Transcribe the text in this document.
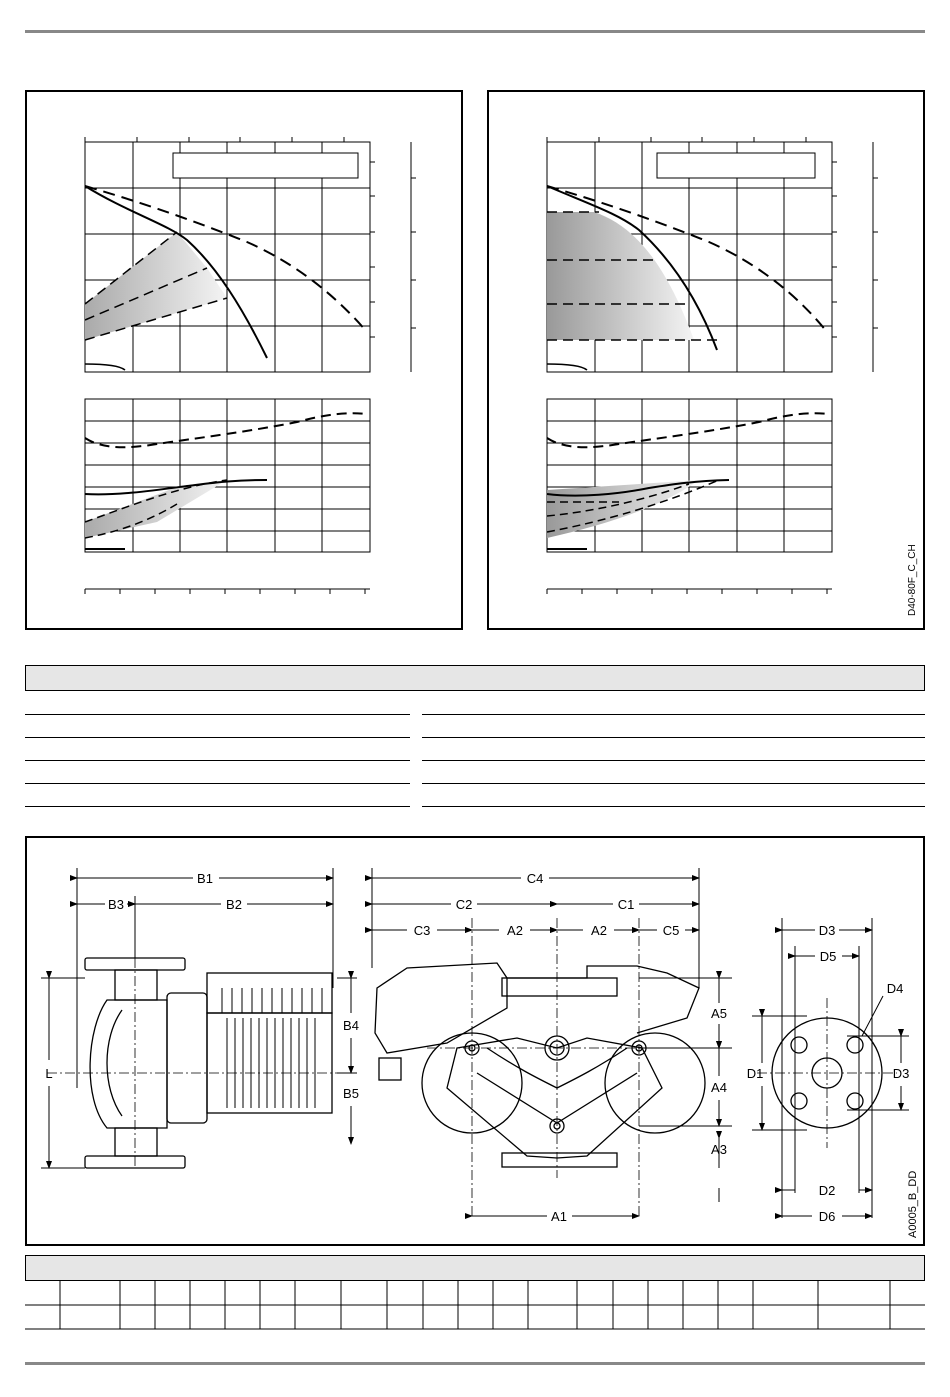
D40-80F_C_CH
B1
B3	B2
L
B4
B5
C4
C2	C1
C3	A2	A2	C5
A1
A5
A4
A3
D3
D5
D4
D1	D3
D2
D6	A0005_B_DD
